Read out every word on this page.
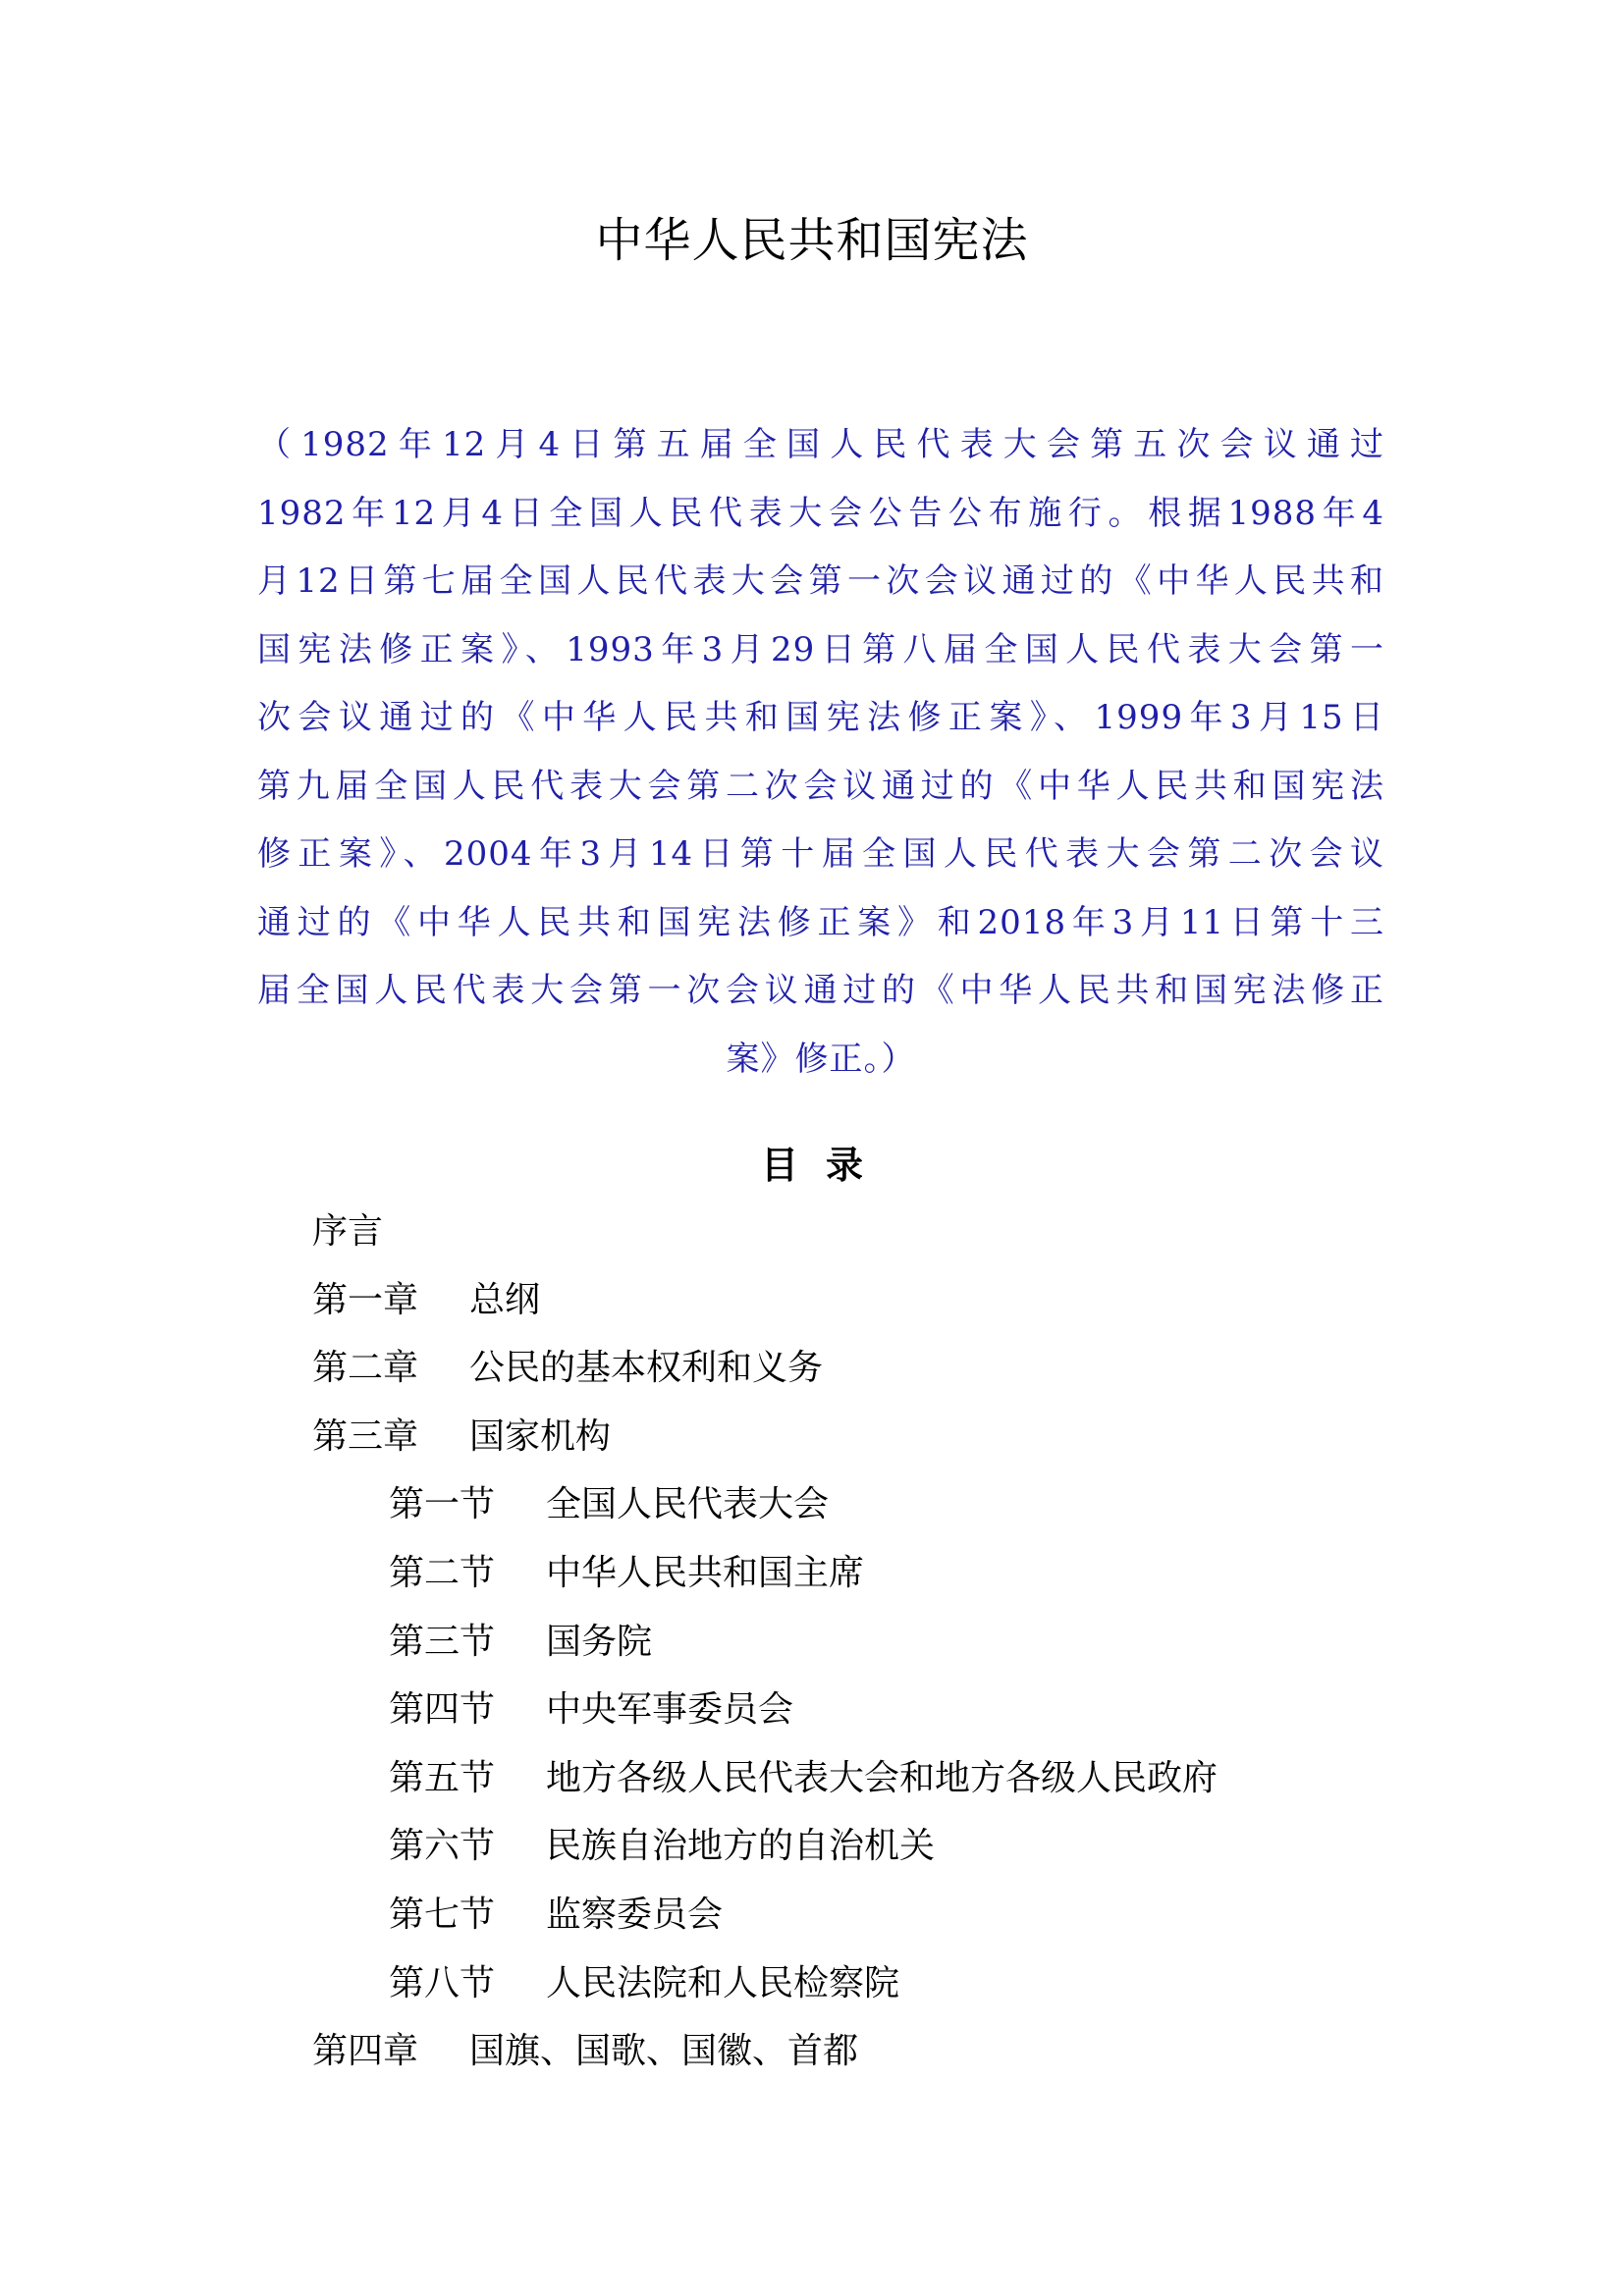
中华人民共和国宪法
（1982年12月4日第五届全国人民代表大会第五次会议通过
1982年12月4日全国人民代表大会公告公布施行。根据1988年4
月12日第七届全国人民代表大会第一次会议通过的《中华人民共和
国宪法修正案》、1993年3月29日第八届全国人民代表大会第一
次会议通过的《中华人民共和国宪法修正案》、1999年3月15日
第九届全国人民代表大会第二次会议通过的《中华人民共和国宪法
修正案》、2004年3月14日第十届全国人民代表大会第二次会议
通过的《中华人民共和国宪法修正案》和2018年3月11日第十三
届全国人民代表大会第一次会议通过的《中华人民共和国宪法修正
案》修正。）
目录
序言
第一章 总纲
第二章 公民的基本权利和义务
第三章 国家机构
第一节 全国人民代表大会
第二节 中华人民共和国主席
第三节 国务院
第四节 中央军事委员会
第五节 地方各级人民代表大会和地方各级人民政府
第六节 民族自治地方的自治机关
第七节 监察委员会
第八节 人民法院和人民检察院
第四章 国旗、国歌、国徽、首都
